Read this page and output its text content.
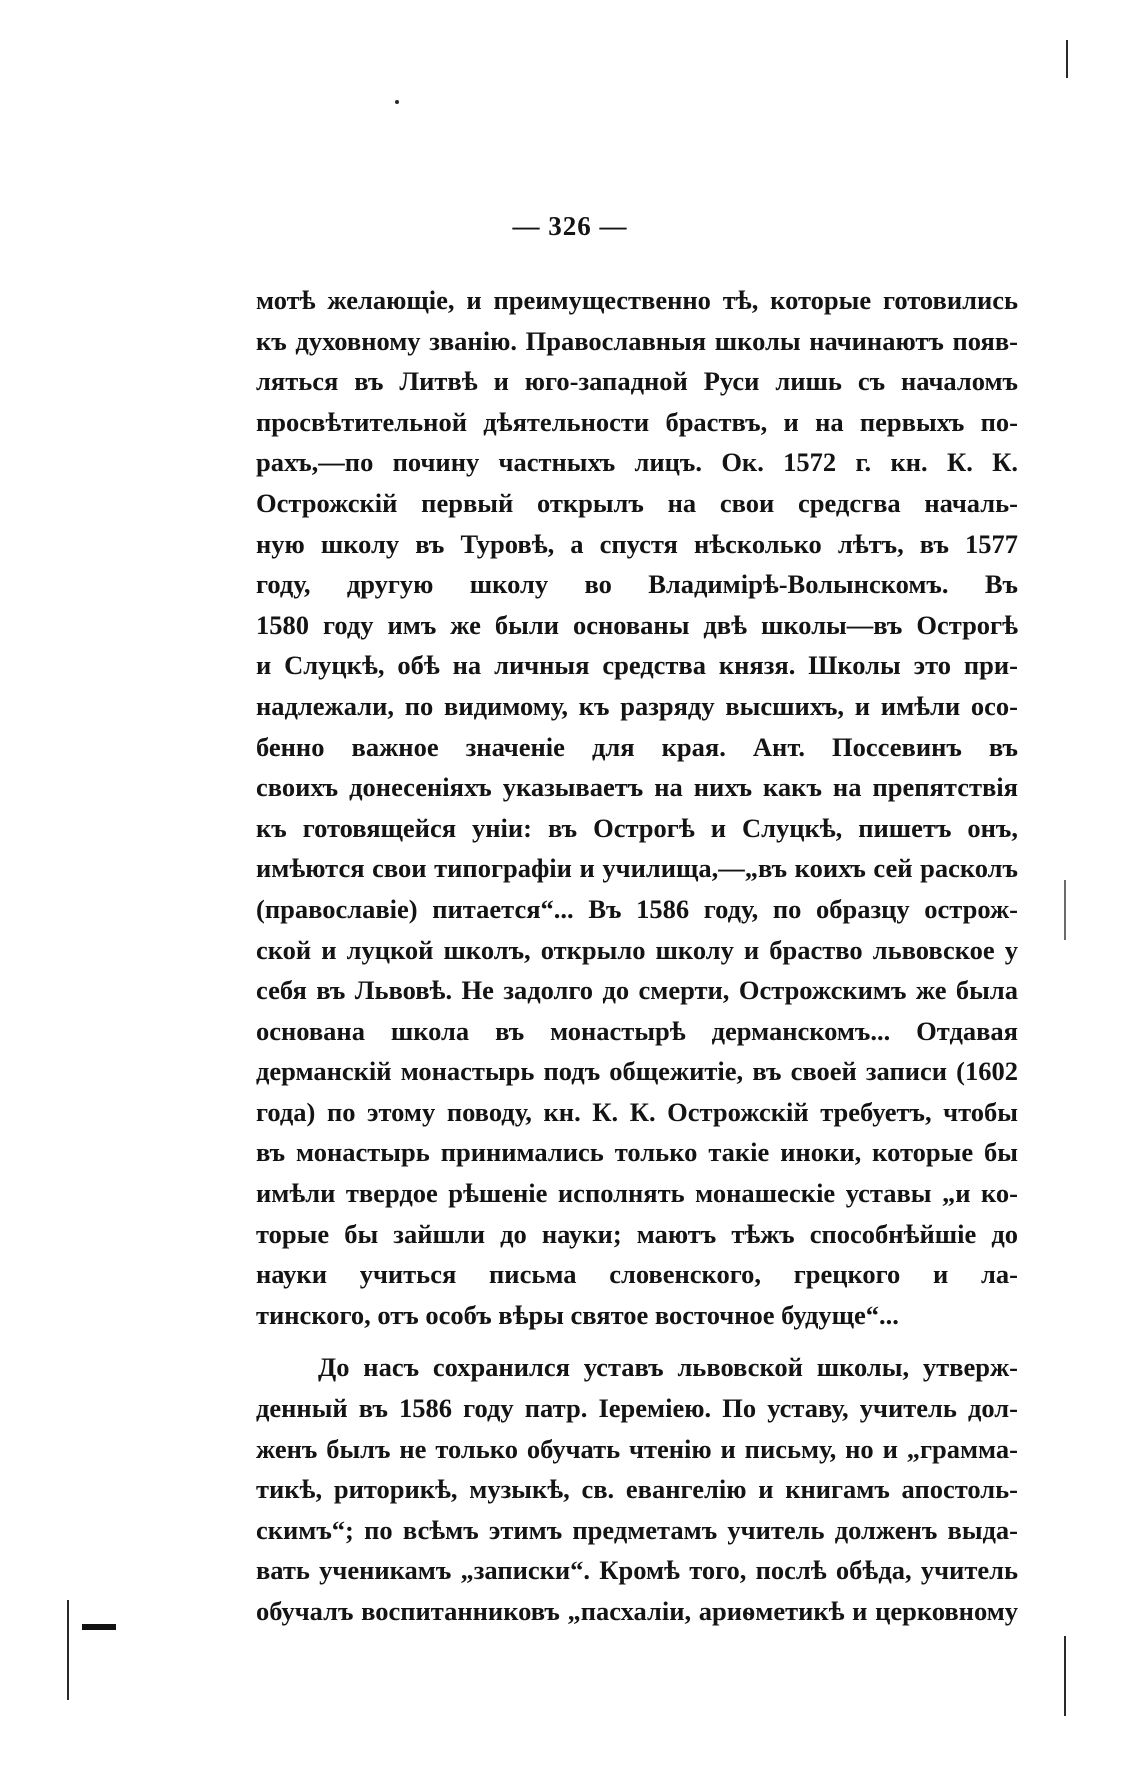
— 326 —
мотѣ желающіе, и преимущественно тѣ, которые готовились
къ духовному званію. Православныя школы начинаютъ появ-
ляться въ Литвѣ и юго-западной Руси лишь съ началомъ
просвѣтительной дѣятельности браствъ, и на первыхъ по-
рахъ,—по почину частныхъ лицъ. Ок. 1572 г. кн. К. К.
Острожскій первый открылъ на свои средсгва началь-
ную школу въ Туровѣ, а спустя нѣсколько лѣтъ, въ 1577
году, другую школу во Владимірѣ-Волынскомъ. Въ
1580 году имъ же были основаны двѣ школы—въ Острогѣ
и Слуцкѣ, обѣ на личныя средства князя. Школы это при-
надлежали, по видимому, къ разряду высшихъ, и имѣли осо-
бенно важное значеніе для края. Ант. Поссевинъ въ
своихъ донесеніяхъ указываетъ на нихъ какъ на препятствія
къ готовящейся уніи: въ Острогѣ и Слуцкѣ, пишетъ онъ,
имѣются свои типографіи и училища,—„въ коихъ сей расколъ
(православіе) питается“... Въ 1586 году, по образцу острож-
ской и луцкой школъ, открыло школу и браство львовское у
себя въ Львовѣ. Не задолго до смерти, Острожскимъ же была
основана школа въ монастырѣ дерманскомъ... Отдавая
дерманскій монастырь подъ общежитіе, въ своей записи (1602
года) по этому поводу, кн. К. К. Острожскій требуетъ, чтобы
въ монастырь принимались только такіе иноки, которые бы
имѣли твердое рѣшеніе исполнять монашескіе уставы „и ко-
торые бы зайшли до науки; маютъ тѣжъ способнѣйшіе до
науки учиться письма словенского, грецкого и ла-
тинского, отъ особъ вѣры святое восточное будуще“...
До насъ сохранился уставъ львовской школы, утверж-
денный въ 1586 году патр. Іереміею. По уставу, учитель дол-
женъ былъ не только обучать чтенію и письму, но и „грамма-
тикѣ, риторикѣ, музыкѣ, св. евангелію и книгамъ апостоль-
скимъ“; по всѣмъ этимъ предметамъ учитель долженъ выда-
вать ученикамъ „записки“. Кромѣ того, послѣ обѣда, учитель
обучалъ воспитанниковъ „пасхаліи, ариѳметикѣ и церковному
